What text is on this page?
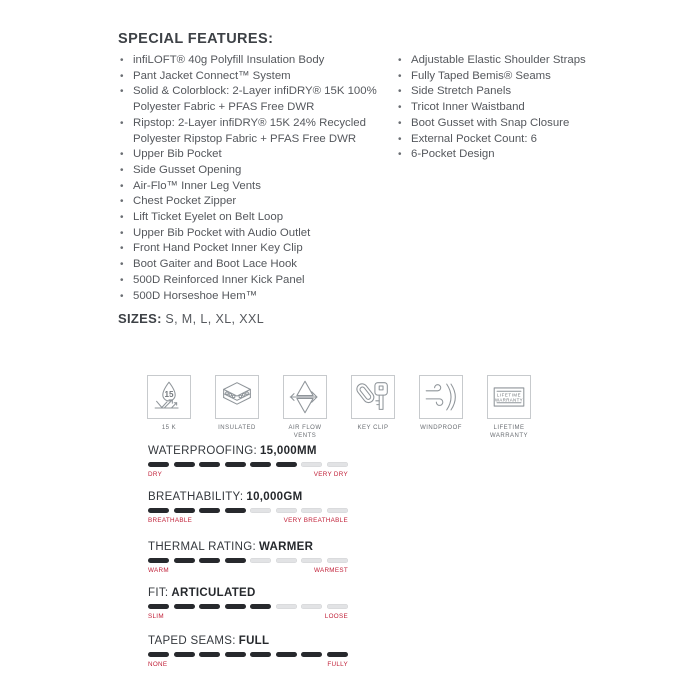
SPECIAL FEATURES:
• infiLOFT® 40g Polyfill Insulation Body
• Pant Jacket Connect™ System
• Solid & Colorblock: 2-Layer infiDRY® 15K 100% Polyester Fabric + PFAS Free DWR
• Ripstop: 2-Layer infiDRY® 15K 24% Recycled Polyester Ripstop Fabric + PFAS Free DWR
• Upper Bib Pocket
• Side Gusset Opening
• Air-Flo™ Inner Leg Vents
• Chest Pocket Zipper
• Lift Ticket Eyelet on Belt Loop
• Upper Bib Pocket with Audio Outlet
• Front Hand Pocket Inner Key Clip
• Boot Gaiter and Boot Lace Hook
• 500D Reinforced Inner Kick Panel
• 500D Horseshoe Hem™
• Adjustable Elastic Shoulder Straps
• Fully Taped Bemis® Seams
• Side Stretch Panels
• Tricot Inner Waistband
• Boot Gusset with Snap Closure
• External Pocket Count: 6
• 6-Pocket Design
SIZES: S, M, L, XL, XXL
15
15 K	INSULATED	AIR FLOW
VENTS
KEY CLIP	WINDPROOF
LIFETIME
WARRANTY
LIFETIME
WARRANTY
WATERPROOFING: 15,000MM
DRY	VERY DRY
BREATHABILITY: 10,000GM
BREATHABLE	VERY BREATHABLE
THERMAL RATING: WARMER
WARM	WARMEST
FIT: ARTICULATED
SLIM	LOOSE
TAPED SEAMS: FULL
NONE	FULLY
